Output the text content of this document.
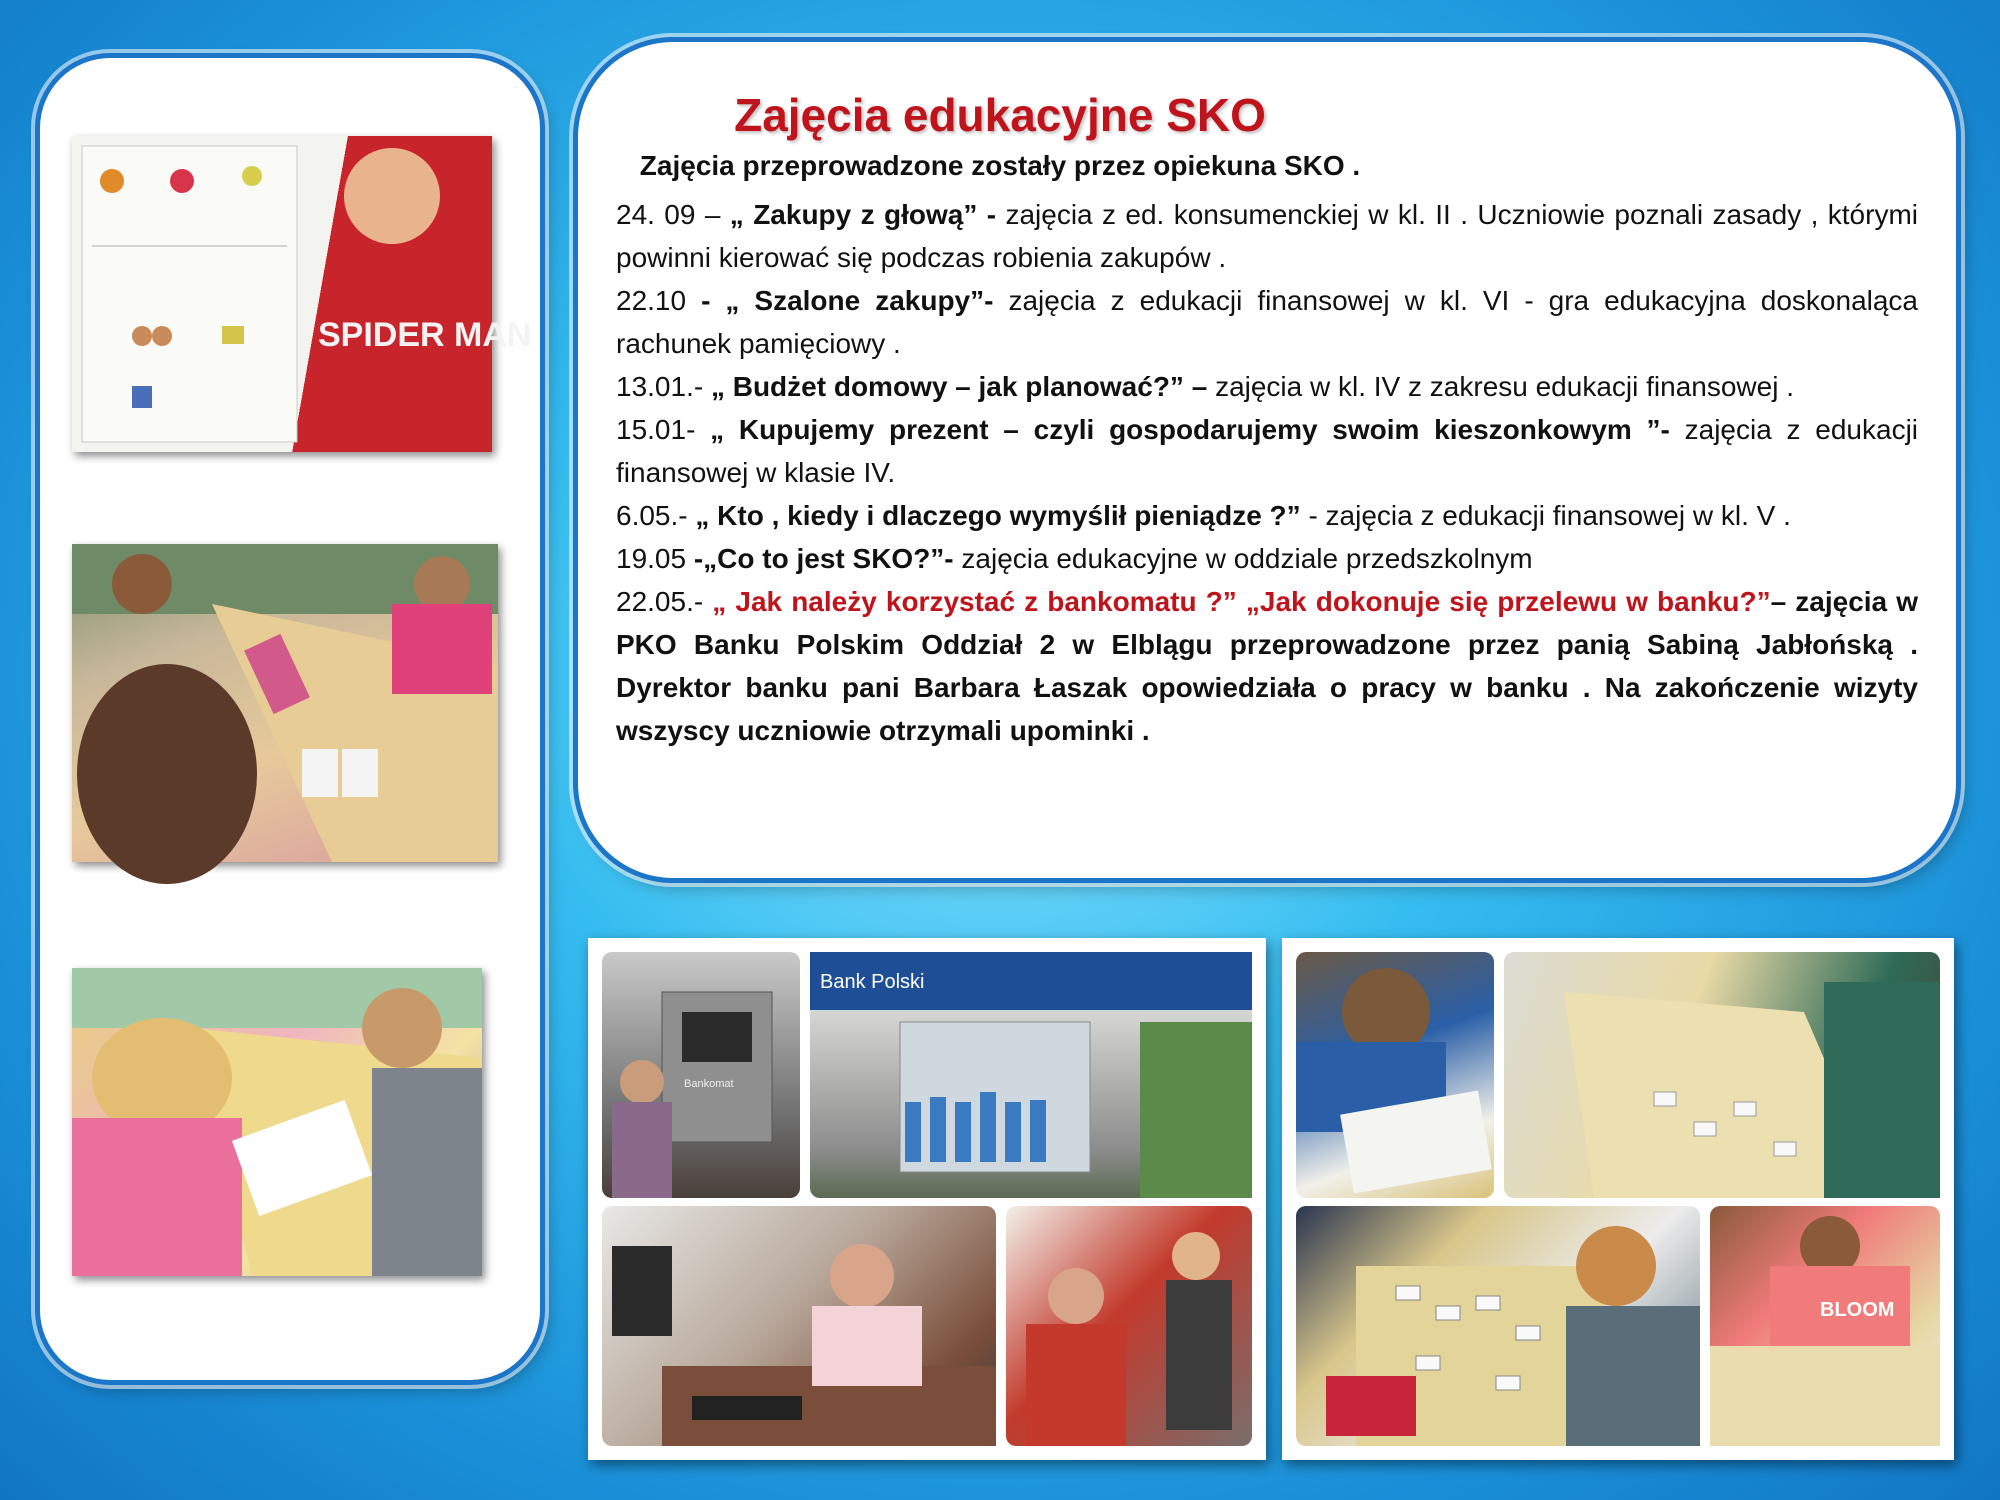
SPIDER MAN
Zajęcia edukacyjne SKO
Zajęcia przeprowadzone zostały przez opiekuna SKO .

24. 09 – „ Zakupy z głową” - zajęcia z ed. konsumenckiej w kl. II . Uczniowie poznali zasady , którymi powinni kierować się podczas robienia zakupów .

22.10 - „ Szalone zakupy”- zajęcia z edukacji finansowej w kl. VI - gra edukacyjna doskonaląca rachunek pamięciowy .

13.01.- „ Budżet domowy – jak planować?” – zajęcia w kl. IV z zakresu edukacji finansowej .

15.01- „ Kupujemy prezent – czyli gospodarujemy swoim kieszonkowym ”- zajęcia z edukacji finansowej w klasie IV.

6.05.- „ Kto , kiedy i dlaczego wymyślił pieniądze ?” - zajęcia z edukacji finansowej w kl. V .

19.05 -„Co to jest SKO?”- zajęcia edukacyjne w oddziale przedszkolnym

22.05.- „ Jak należy korzystać z bankomatu ?” „Jak dokonuje się przelewu w banku?”– zajęcia w PKO Banku Polskim Oddział 2 w Elblągu przeprowadzone przez panią Sabiną Jabłońską . Dyrektor banku pani Barbara Łaszak opowiedziała o pracy w banku . Na zakończenie wizyty wszyscy uczniowie otrzymali upominki .

Bankomat
Bank Polski
BLOOM
